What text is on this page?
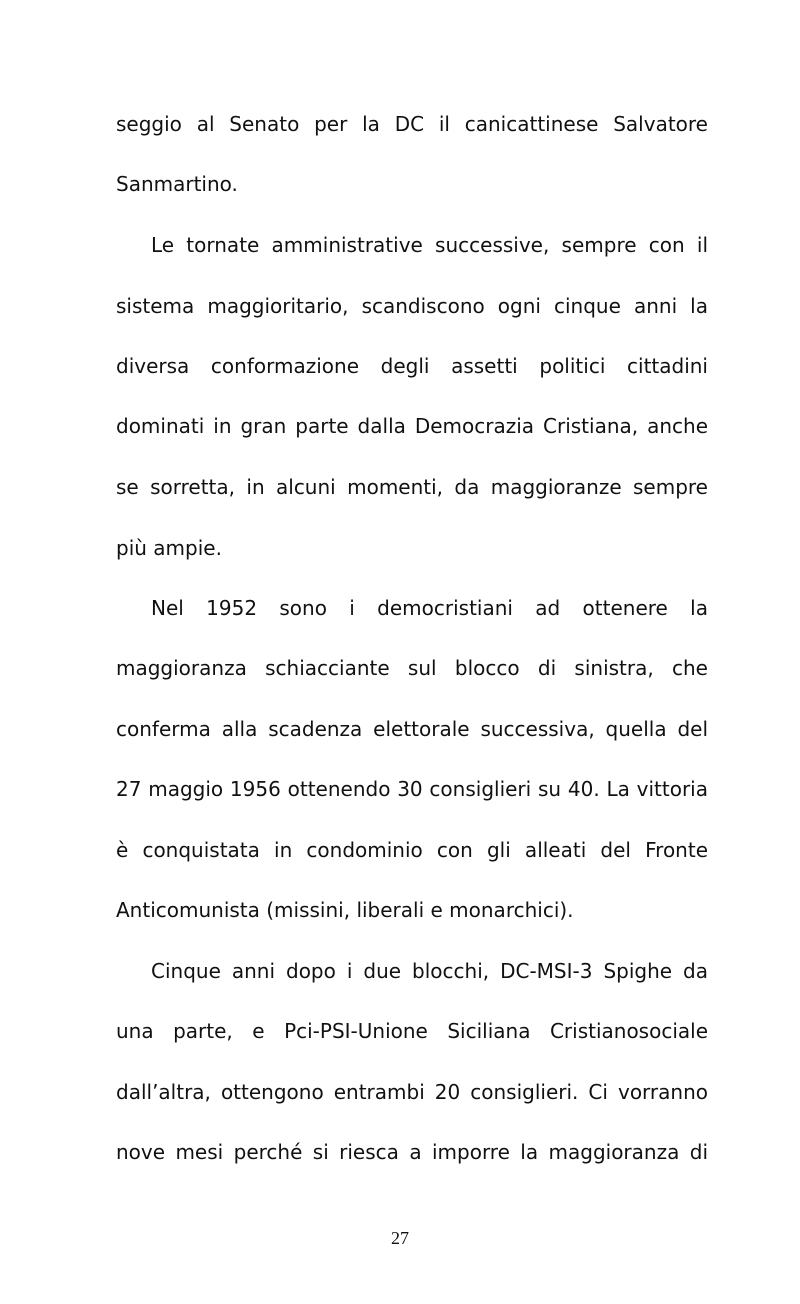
seggio al Senato per la DC il canicattinese Salvatore
Sanmartino.
Le tornate amministrative successive, sempre con il
sistema maggioritario, scandiscono ogni cinque anni la
diversa conformazione degli assetti politici cittadini
dominati in gran parte dalla Democrazia Cristiana, anche
se sorretta, in alcuni momenti, da maggioranze sempre
più ampie.
Nel 1952 sono i democristiani ad ottenere la
maggioranza schiacciante sul blocco di sinistra, che
conferma alla scadenza elettorale successiva, quella del
27 maggio 1956 ottenendo 30 consiglieri su 40. La vittoria
è conquistata in condominio con gli alleati del Fronte
Anticomunista (missini, liberali e monarchici).
Cinque anni dopo i due blocchi, DC-MSI-3 Spighe da
una parte, e Pci-PSI-Unione Siciliana Cristianosociale
dall’altra, ottengono entrambi 20 consiglieri. Ci vorranno
nove mesi perché si riesca a imporre la maggioranza di
27
